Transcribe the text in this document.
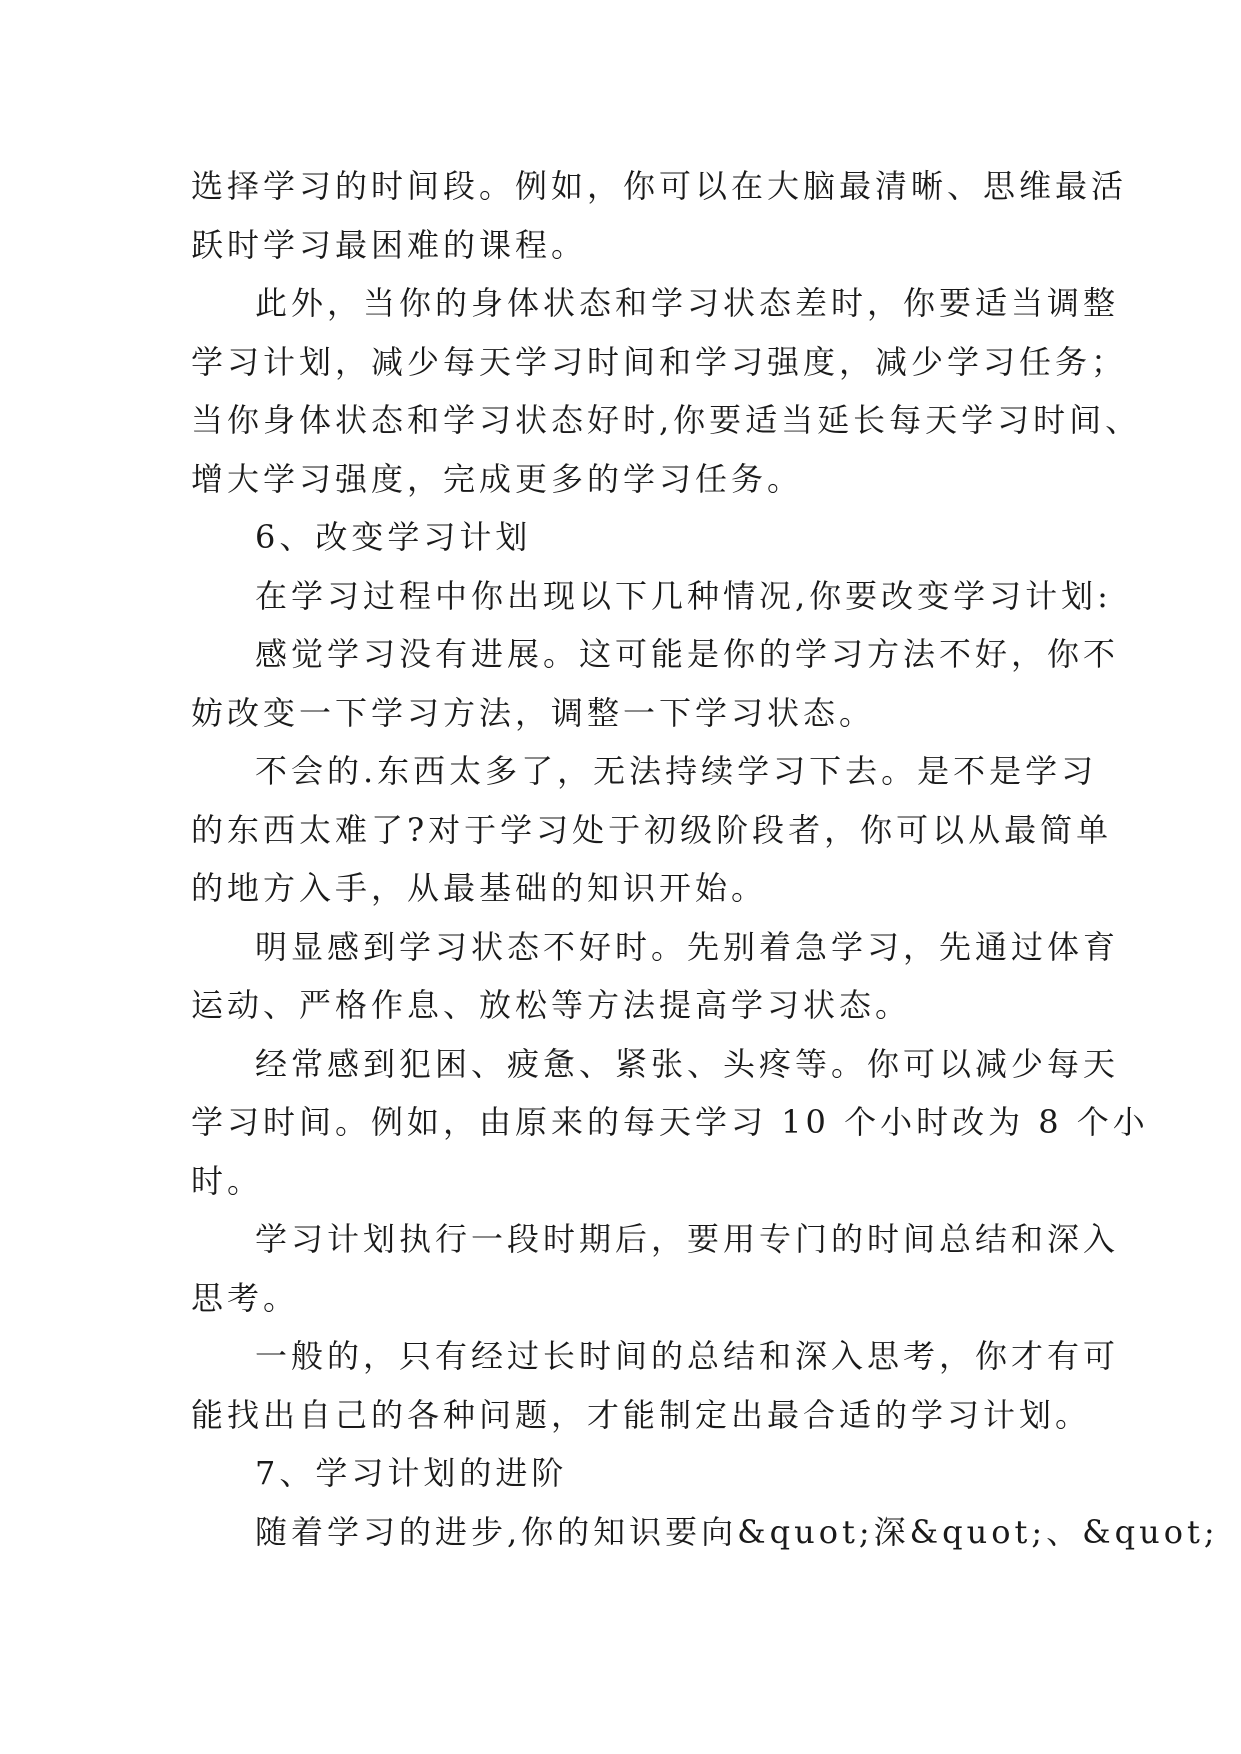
选择学习的时间段。例如，你可以在大脑最清晰、思维最活
跃时学习最困难的课程。
此外，当你的身体状态和学习状态差时，你要适当调整
学习计划，减少每天学习时间和学习强度，减少学习任务；
当你身体状态和学习状态好时,你要适当延长每天学习时间、
增大学习强度，完成更多的学习任务。
6、改变学习计划
在学习过程中你出现以下几种情况,你要改变学习计划:
感觉学习没有进展。这可能是你的学习方法不好，你不
妨改变一下学习方法，调整一下学习状态。
不会的.东西太多了，无法持续学习下去。是不是学习
的东西太难了?对于学习处于初级阶段者，你可以从最简单
的地方入手，从最基础的知识开始。
明显感到学习状态不好时。先别着急学习，先通过体育
运动、严格作息、放松等方法提高学习状态。
经常感到犯困、疲惫、紧张、头疼等。你可以减少每天
学习时间。例如，由原来的每天学习 10 个小时改为 8 个小
时。
学习计划执行一段时期后，要用专门的时间总结和深入
思考。
一般的，只有经过长时间的总结和深入思考，你才有可
能找出自己的各种问题，才能制定出最合适的学习计划。
7、学习计划的进阶
随着学习的进步,你的知识要向&quot;深&quot;、&quot;
